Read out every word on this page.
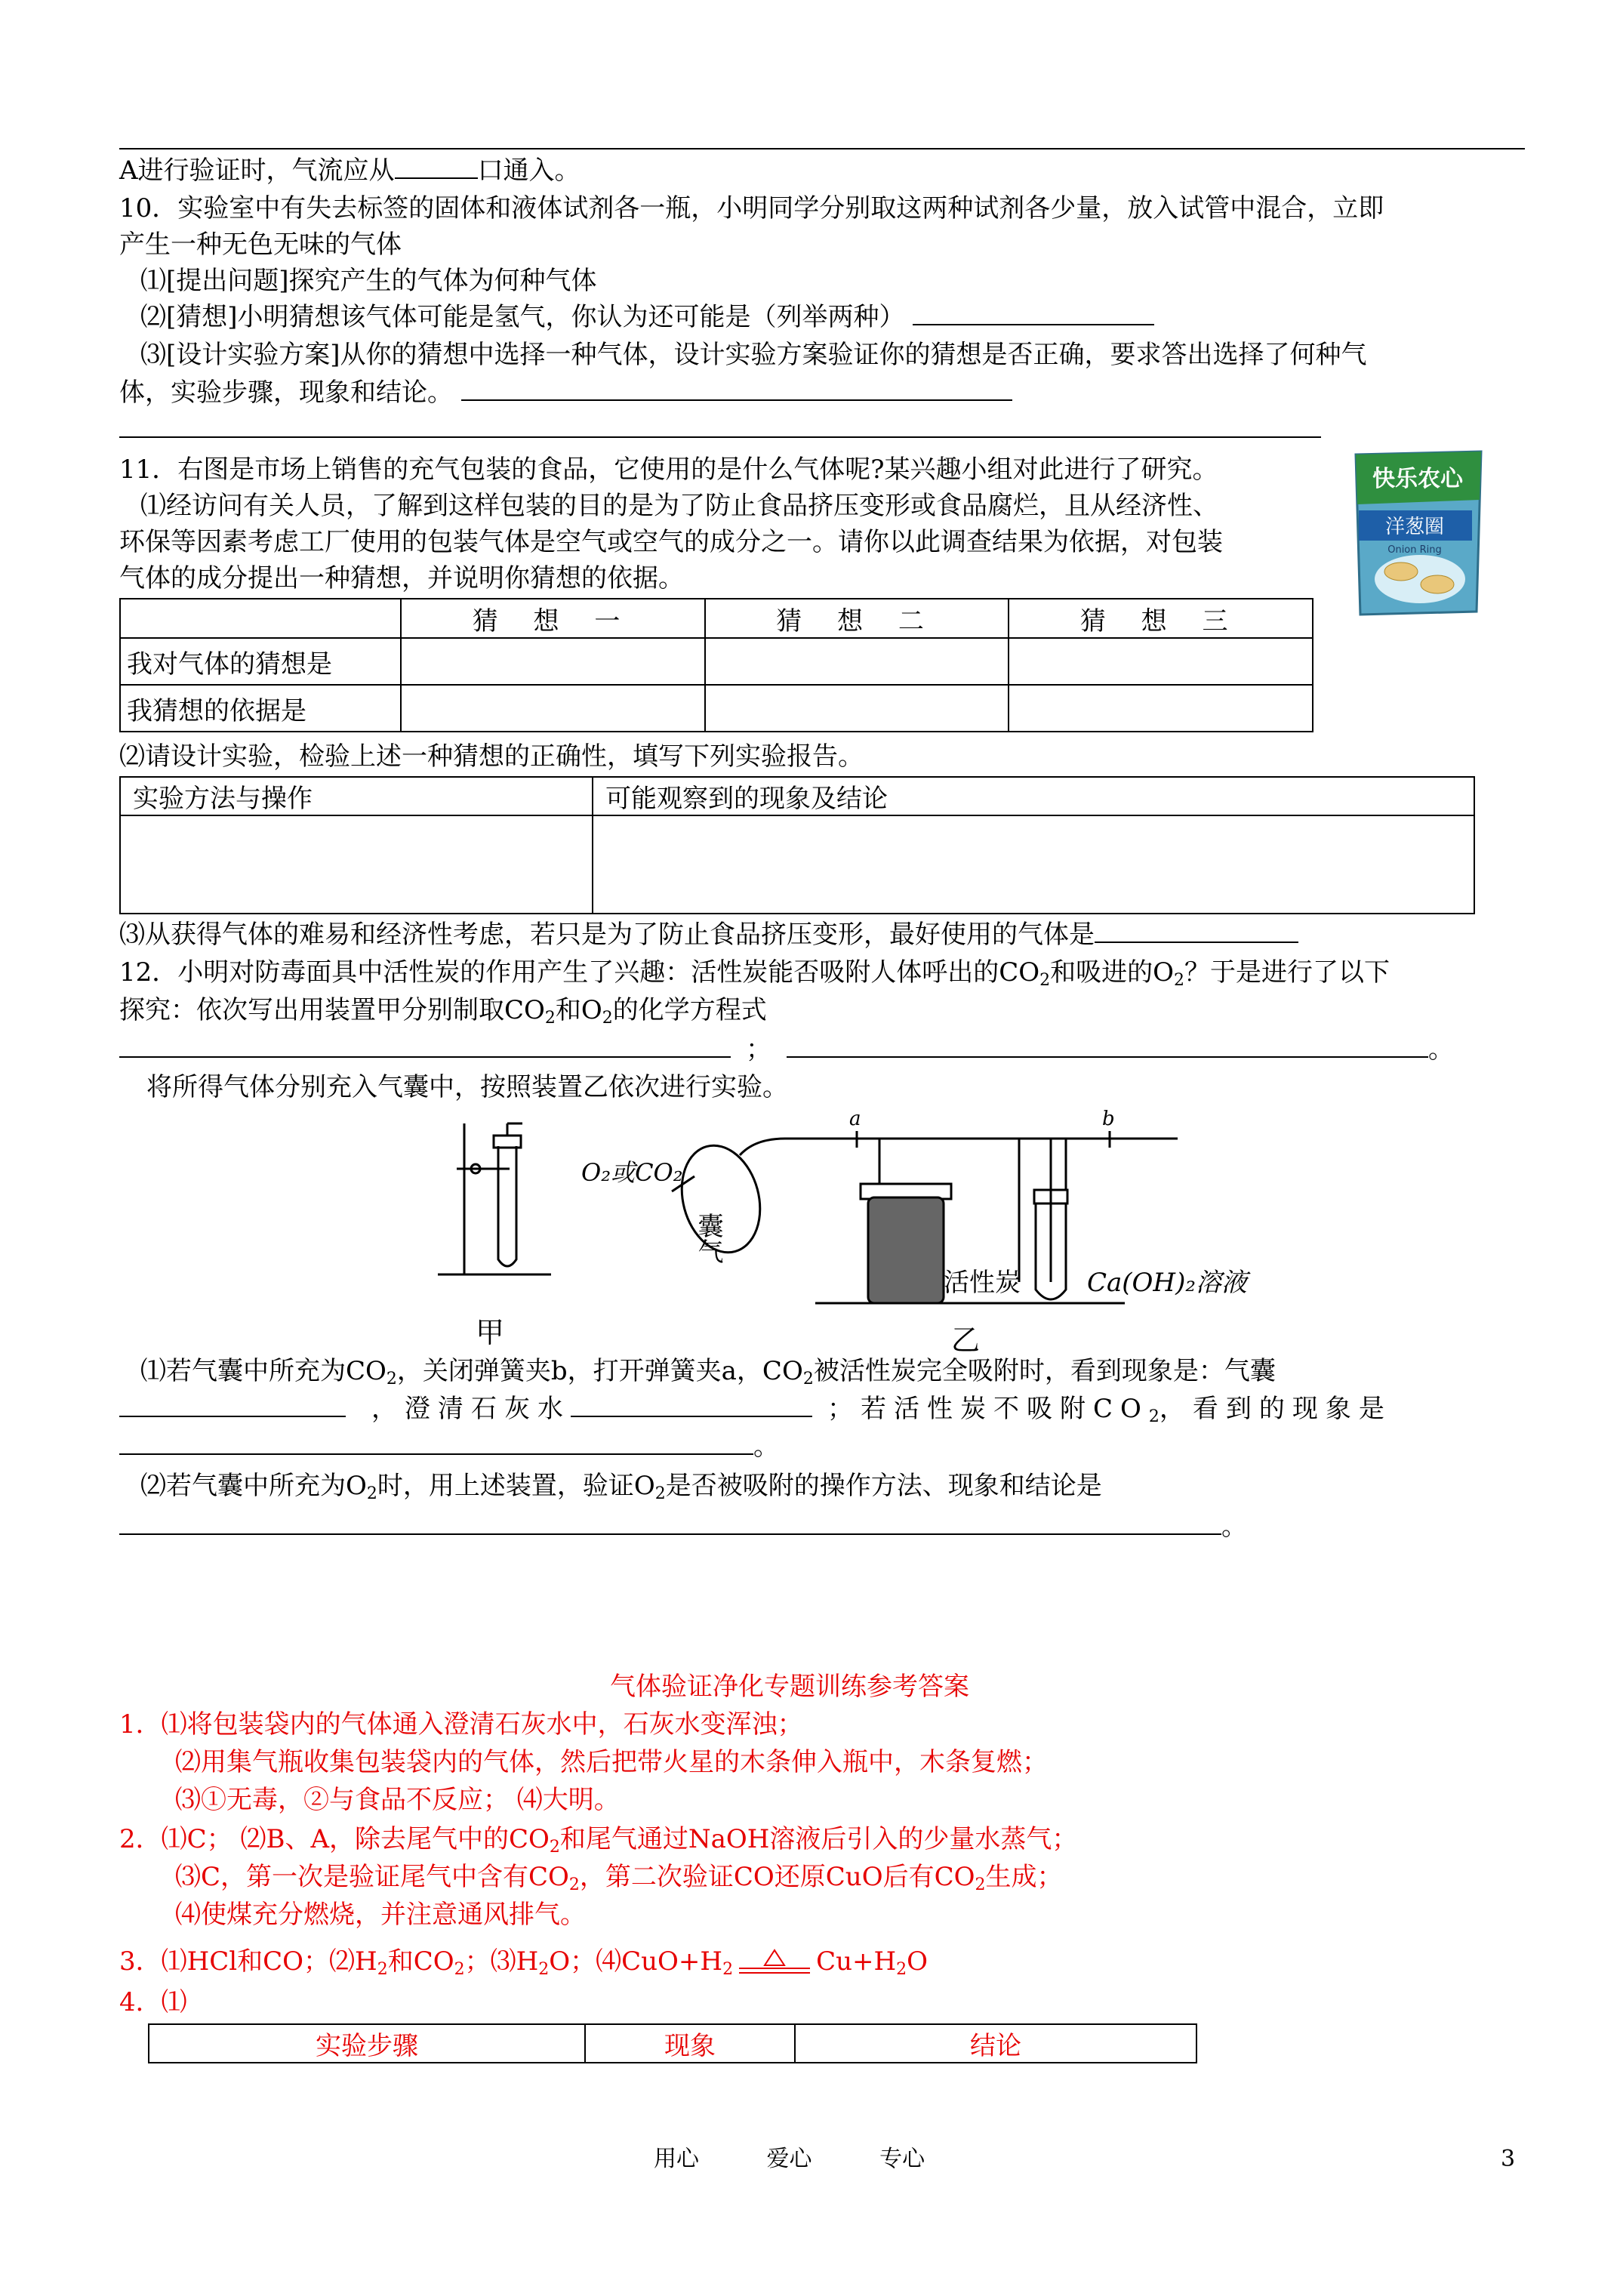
A进行验证时，气流应从	口通入。
10．实验室中有失去标签的固体和液体试剂各一瓶，小明同学分别取这两种试剂各少量，放入试管中混合，立即
产生一种无色无味的气体
⑴[提出问题]探究产生的气体为何种气体
⑵[猜想]小明猜想该气体可能是氢气，你认为还可能是（列举两种）
⑶[设计实验方案]从你的猜想中选择一种气体，设计实验方案验证你的猜想是否正确，要求答出选择了何种气
体，实验步骤，现象和结论。
11．右图是市场上销售的充气包装的食品，它使用的是什么气体呢?某兴趣小组对此进行了研究。
⑴经访问有关人员，了解到这样包装的目的是为了防止食品挤压变形或食品腐烂，且从经济性、
环保等因素考虑工厂使用的包装气体是空气或空气的成分之一。请你以此调查结果为依据，对包装
气体的成分提出一种猜想，并说明你猜想的依据。
快乐农心
洋葱圈
Onion Ring
	猜 想 一	猜 想 二	猜 想 三
我对气体的猜想是			
我猜想的依据是			
⑵请设计实验，检验上述一种猜想的正确性，填写下列实验报告。
实验方法与操作	可能观察到的现象及结论

⑶从获得气体的难易和经济性考虑，若只是为了防止食品挤压变形，最好使用的气体是
12．小明对防毒面具中活性炭的作用产生了兴趣：活性炭能否吸附人体呼出的$CO_2$和吸进的$O_2$？于是进行了以下
探究：依次写出用装置甲分别制取$CO_2$和$O_2$的化学方程式
；	。
将所得气体分别充入气囊中，按照装置乙依次进行实验。
甲
O₂或CO₂
囊气
a	b
活性炭	Ca(OH)₂溶液
乙
⑴若气囊中所充为$CO_2$，关闭弹簧夹b，打开弹簧夹a，$CO_2$被活性炭完全吸附时，看到现象是：气囊
，澄清石灰水	；若活性炭不吸附$CO_2$，看到的现象是
。
⑵若气囊中所充为$O_2$时，用上述装置，验证$O_2$是否被吸附的操作方法、现象和结论是
。
气体验证净化专题训练参考答案
1．⑴将包装袋内的气体通入澄清石灰水中，石灰水变浑浊；
⑵用集气瓶收集包装袋内的气体，然后把带火星的木条伸入瓶中，木条复燃；
⑶①无毒，②与食品不反应； ⑷大明。
2．⑴C； ⑵B、A，除去尾气中的$CO_2$和尾气通过NaOH溶液后引入的少量水蒸气；
⑶C，第一次是验证尾气中含有$CO_2$，第二次验证CO还原CuO后有$CO_2$生成；
⑷使煤充分燃烧，并注意通风排气。
3．⑴HCl和CO；$⑵H_2$和$CO_2$；$⑶H_2O$；$⑷CuO+H_2$	$Cu+H_2O$
4．⑴
实验步骤	现象	结论
用心	爱心	专心	3
